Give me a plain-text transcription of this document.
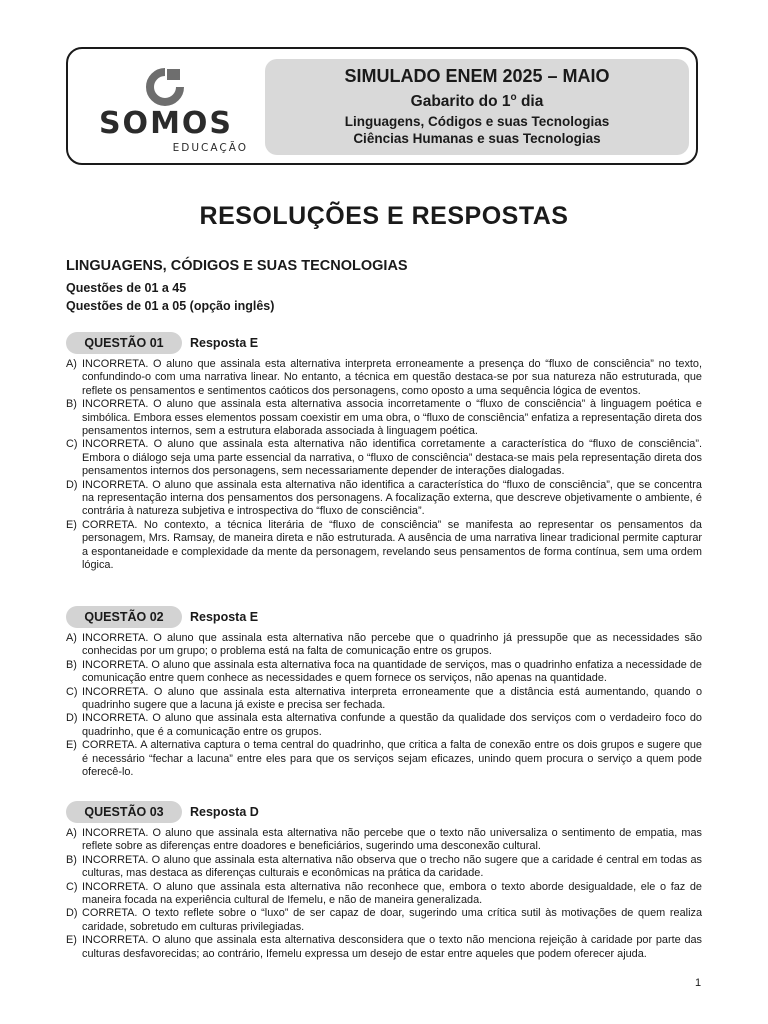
SOMOS
EDUCAÇÃO
SIMULADO ENEM 2025 – MAIO
Gabarito do 1$^o$ dia
Linguagens, Códigos e suas Tecnologias
Ciências Humanas e suas Tecnologias
RESOLUÇÕES E RESPOSTAS
LINGUAGENS, CÓDIGOS E SUAS TECNOLOGIAS
Questões de 01 a 45
Questões de 01 a 05 (opção inglês)
QUESTÃO 01	Resposta E
A) INCORRETA. O aluno que assinala esta alternativa interpreta erroneamente a presença do “fluxo de consciência” no texto, confundindo-o com uma narrativa linear. No entanto, a técnica em questão destaca-se por sua natureza não estruturada, que reflete os pensamentos e sentimentos caóticos dos personagens, como oposto a uma sequência lógica de eventos.
B) INCORRETA. O aluno que assinala esta alternativa associa incorretamente o “fluxo de consciência” à linguagem poética e simbólica. Embora esses elementos possam coexistir em uma obra, o “fluxo de consciência” enfatiza a representação direta dos pensamentos internos, sem a estrutura elaborada associada à linguagem poética.
C) INCORRETA. O aluno que assinala esta alternativa não identifica corretamente a característica do “fluxo de consciência”. Embora o diálogo seja uma parte essencial da narrativa, o “fluxo de consciência” destaca-se mais pela representação direta dos pensamentos internos dos personagens, sem necessariamente depender de interações dialogadas.
D) INCORRETA. O aluno que assinala esta alternativa não identifica a característica do “fluxo de consciência”, que se concentra na representação interna dos pensamentos dos personagens. A focalização externa, que descreve objetivamente o ambiente, é contrária à natureza subjetiva e introspectiva do “fluxo de consciência”.
E) CORRETA. No contexto, a técnica literária de “fluxo de consciência” se manifesta ao representar os pensamentos da personagem, Mrs. Ramsay, de maneira direta e não estruturada. A ausência de uma narrativa linear tradicional permite capturar a espontaneidade e complexidade da mente da personagem, revelando seus pensamentos de forma contínua, sem uma ordem lógica.
QUESTÃO 02	Resposta E
A) INCORRETA. O aluno que assinala esta alternativa não percebe que o quadrinho já pressupõe que as necessidades são conhecidas por um grupo; o problema está na falta de comunicação entre os grupos.
B) INCORRETA. O aluno que assinala esta alternativa foca na quantidade de serviços, mas o quadrinho enfatiza a necessidade de comunicação entre quem conhece as necessidades e quem fornece os serviços, não apenas na quantidade.
C) INCORRETA. O aluno que assinala esta alternativa interpreta erroneamente que a distância está aumentando, quando o quadrinho sugere que a lacuna já existe e precisa ser fechada.
D) INCORRETA. O aluno que assinala esta alternativa confunde a questão da qualidade dos serviços com o verdadeiro foco do quadrinho, que é a comunicação entre os grupos.
E) CORRETA. A alternativa captura o tema central do quadrinho, que critica a falta de conexão entre os dois grupos e sugere que é necessário “fechar a lacuna” entre eles para que os serviços sejam eficazes, unindo quem procura o serviço a quem pode oferecê-lo.
QUESTÃO 03	Resposta D
A) INCORRETA. O aluno que assinala esta alternativa não percebe que o texto não universaliza o sentimento de empatia, mas reflete sobre as diferenças entre doadores e beneficiários, sugerindo uma desconexão cultural.
B) INCORRETA. O aluno que assinala esta alternativa não observa que o trecho não sugere que a caridade é central em todas as culturas, mas destaca as diferenças culturais e econômicas na prática da caridade.
C) INCORRETA. O aluno que assinala esta alternativa não reconhece que, embora o texto aborde desigualdade, ele o faz de maneira focada na experiência cultural de Ifemelu, e não de maneira generalizada.
D) CORRETA. O texto reflete sobre o “luxo” de ser capaz de doar, sugerindo uma crítica sutil às motivações de quem realiza caridade, sobretudo em culturas privilegiadas.
E) INCORRETA. O aluno que assinala esta alternativa desconsidera que o texto não menciona rejeição à caridade por parte das culturas desfavorecidas; ao contrário, Ifemelu expressa um desejo de estar entre aqueles que podem oferecer ajuda.
1
